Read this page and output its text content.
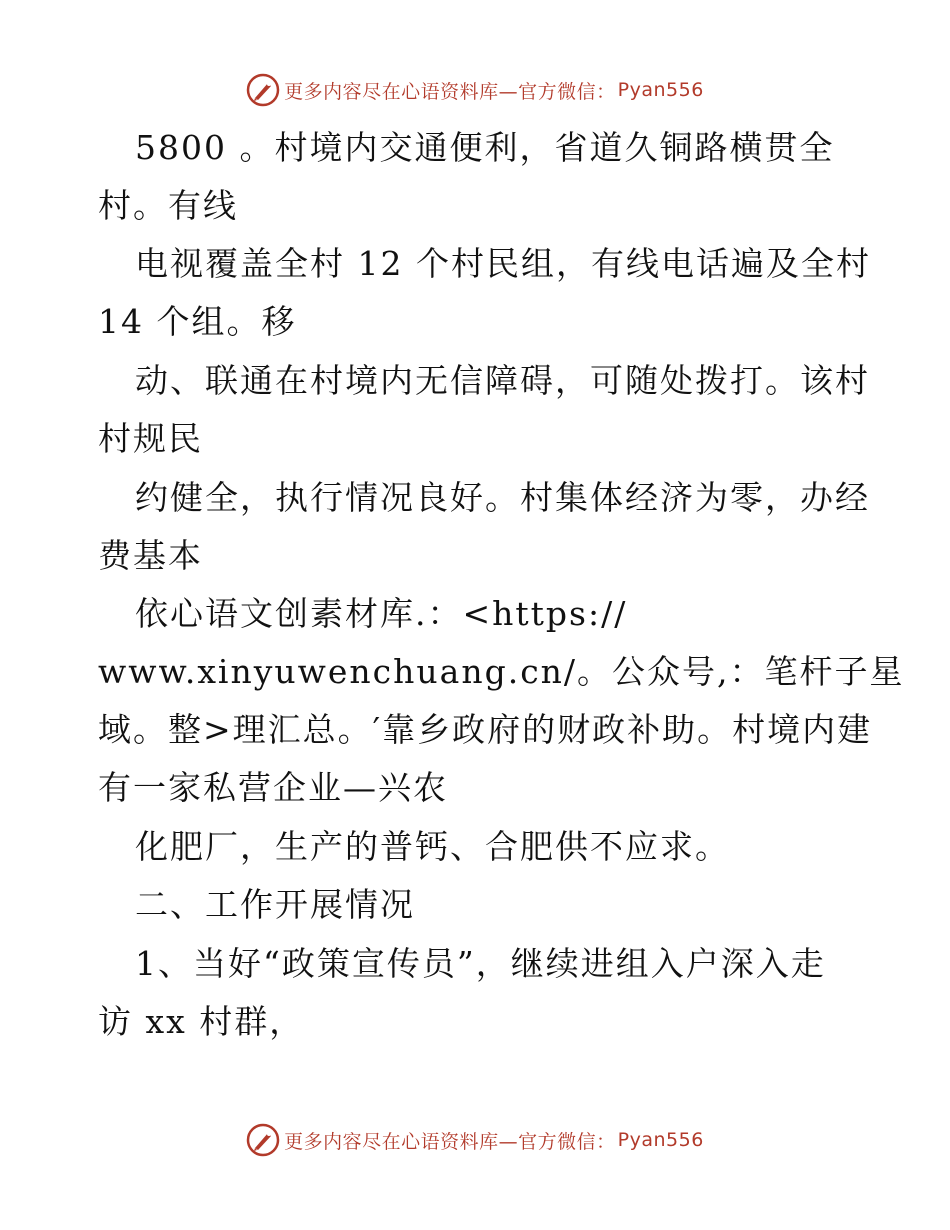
更多内容尽在心语资料库—官方微信： Pyan556
5800 。村境内交通便利，省道久铜路横贯全
村。有线
电视覆盖全村 12 个村民组，有线电话遍及全村
14 个组。移
动、联通在村境内无信障碍，可随处拨打。该村
村规民
约健全，执行情况良好。村集体经济为零，办经
费基本
依心语文创素材库.：<https://
www.xinyuwenchuang.cn/。公众号,：笔杆子星
域。整>理汇总。′靠乡政府的财政补助。村境内建
有一家私营企业—兴农
化肥厂，生产的普钙、合肥供不应求。
二、工作开展情况
1、当好“政策宣传员”，继续进组入户深入走
访 xx 村群，
更多内容尽在心语资料库—官方微信： Pyan556
